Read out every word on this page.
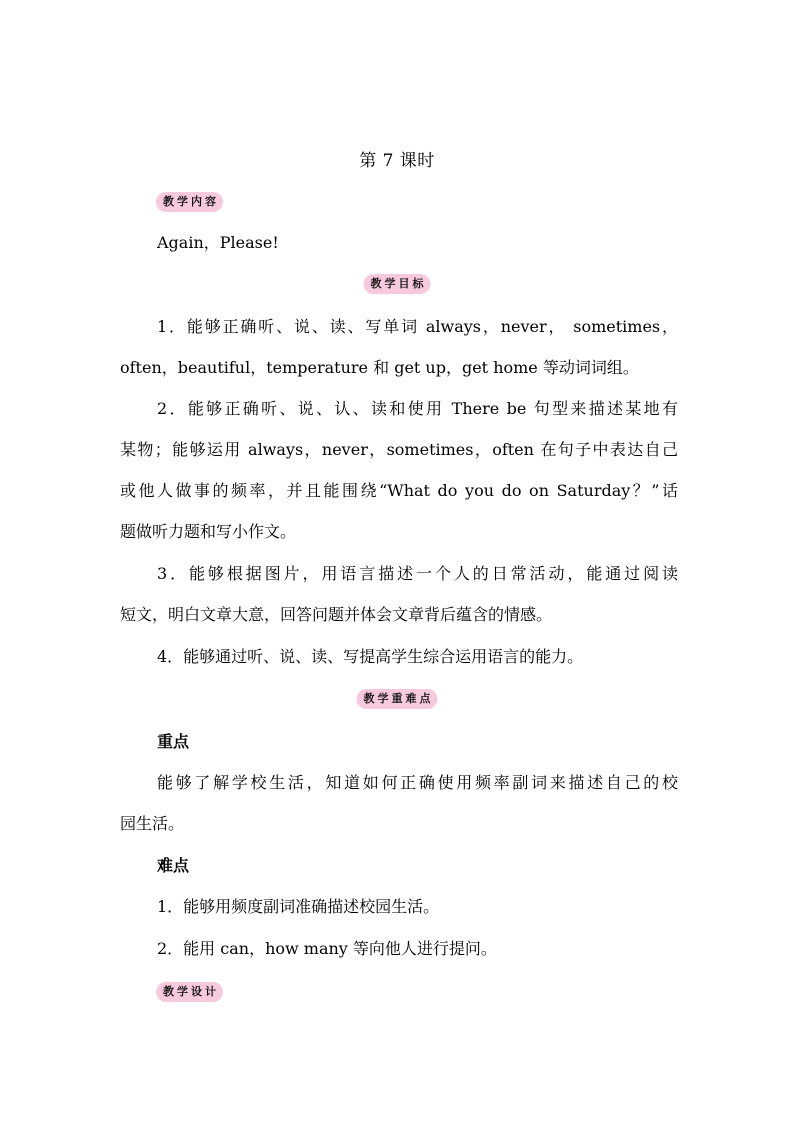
第 7 课时
教学内容
Again，Please!
教学目标
1．能够正确听、说、读、写单词 always，never， sometimes，
often，beautiful，temperature 和 get up，get home 等动词词组。
2．能够正确听、说、认、读和使用 There be 句型来描述某地有
某物；能够运用 always，never，sometimes，often 在句子中表达自己
或他人做事的频率，并且能围绕“What do you do on Saturday？”话
题做听力题和写小作文。
3．能够根据图片，用语言描述一个人的日常活动，能通过阅读
短文，明白文章大意，回答问题并体会文章背后蕴含的情感。
4．能够通过听、说、读、写提高学生综合运用语言的能力。
教学重难点
重点
能够了解学校生活，知道如何正确使用频率副词来描述自己的校
园生活。
难点
1．能够用频度副词准确描述校园生活。
2．能用 can，how many 等向他人进行提问。
教学设计
